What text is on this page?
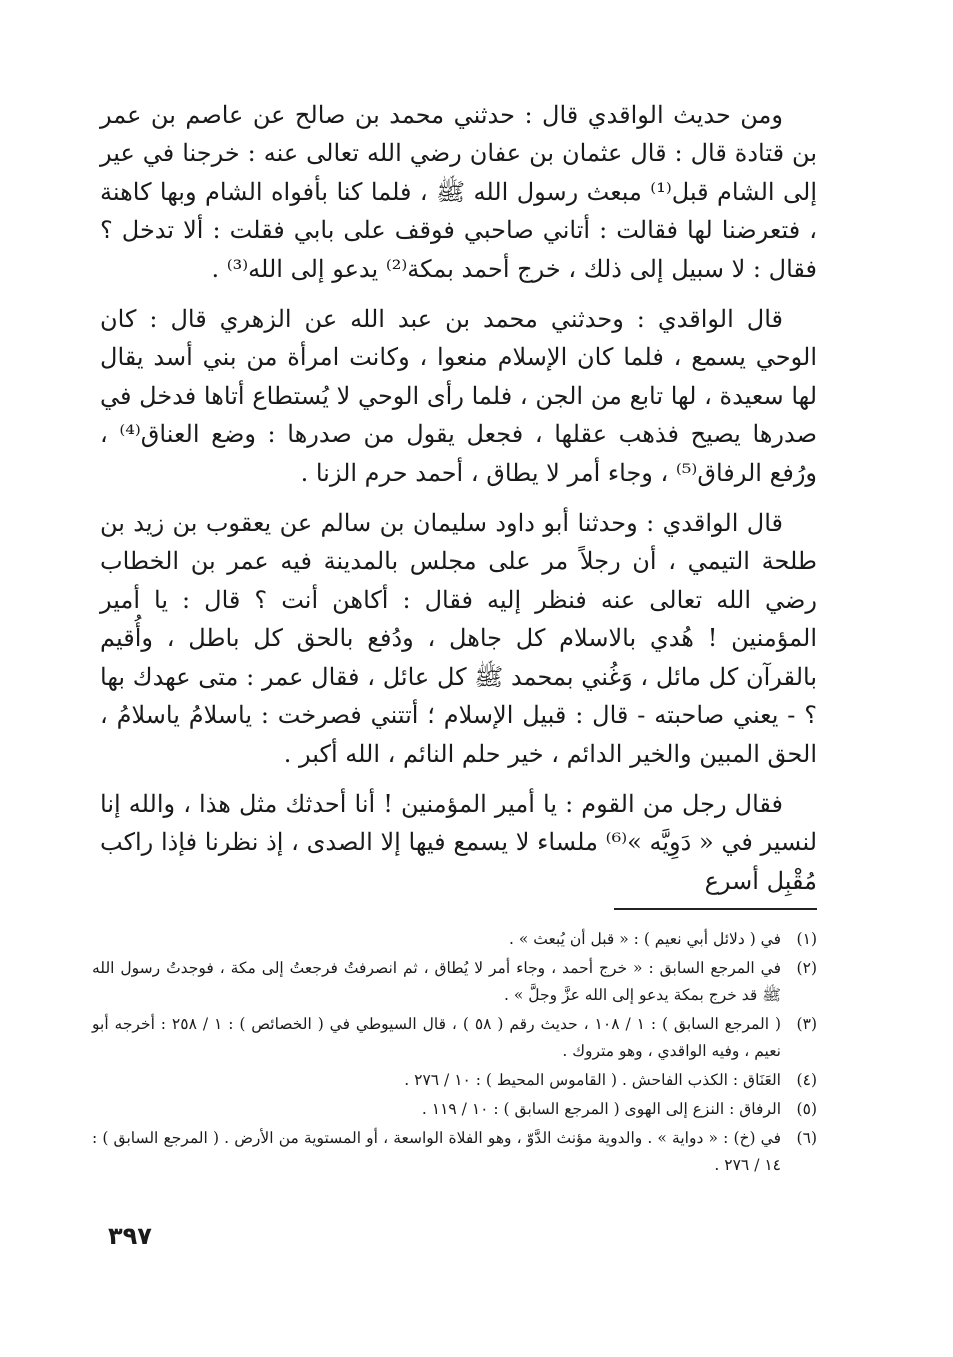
ومن حديث الواقدي قال : حدثني محمد بن صالح عن عاصم بن عمر بن قتادة قال : قال عثمان بن عفان رضي الله تعالى عنه : خرجنا في عير إلى الشام قبل⁽¹⁾ مبعث رسول الله ﷺ ، فلما كنا بأفواه الشام وبها كاهنة ، فتعرضنا لها فقالت : أتاني صاحبي فوقف على بابي فقلت : ألا تدخل ؟ فقال : لا سبيل إلى ذلك ، خرج أحمد بمكة⁽²⁾ يدعو إلى الله⁽³⁾ .

قال الواقدي : وحدثني محمد بن عبد الله عن الزهري قال : كان الوحي يسمع ، فلما كان الإسلام منعوا ، وكانت امرأة من بني أسد يقال لها سعيدة ، لها تابع من الجن ، فلما رأى الوحي لا يُستطاع أتاها فدخل في صدرها يصيح فذهب عقلها ، فجعل يقول من صدرها : وضع العناق⁽⁴⁾ ، ورُفع الرفاق⁽⁵⁾ ، وجاء أمر لا يطاق ، أحمد حرم الزنا .

قال الواقدي : وحدثنا أبو داود سليمان بن سالم عن يعقوب بن زيد بن طلحة التيمي ، أن رجلاً مر على مجلس بالمدينة فيه عمر بن الخطاب رضي الله تعالى عنه فنظر إليه فقال : أكاهن أنت ؟ قال : يا أمير المؤمنين ! هُدي بالاسلام كل جاهل ، ودُفع بالحق كل باطل ، وأُقيم بالقرآن كل مائل ، وَغُني بمحمد ﷺ كل عائل ، فقال عمر : متى عهدك بها ؟ - يعني صاحبته - قال : قبيل الإسلام ؛ أتتني فصرخت : ياسلامُ ياسلامُ ، الحق المبين والخير الدائم ، خير حلم النائم ، الله أكبر .

فقال رجل من القوم : يا أمير المؤمنين ! أنا أحدثك مثل هذا ، والله إنا لنسير في « دَوِيَّه »⁽⁶⁾ ملساء لا يسمع فيها إلا الصدى ، إذ نظرنا فإذا راكب مُقْبِل أسرع

(١)
في ( دلائل أبي نعيم ) : « قبل أن يُبعث » .
(٢)
في المرجع السابق : « خرج أحمد ، وجاء أمر لا يُطاق ، ثم انصرفتُ فرجعتُ إلى مكة ، فوجدتُ رسول الله ﷺ قد خرج بمكة يدعو إلى الله عزَّ وجلَّ » .
(٣)
( المرجع السابق ) : ١ / ١٠٨ ، حديث رقم ( ٥٨ ) ، قال السيوطي في ( الخصائص ) : ١ / ٢٥٨ : أخرجه أبو نعيم ، وفيه الواقدي ، وهو متروك .
(٤)
العَنَاق : الكذب الفاحش . ( القاموس المحيط ) : ١٠ / ٢٧٦ .
(٥)
الرفاق : النزع إلى الهوى ( المرجع السابق ) : ١٠ / ١١٩ .
(٦)
في (خ) : « دواية » . والدوية مؤنث الدَّوّ ، وهو الفلاة الواسعة ، أو المستوية من الأرض . ( المرجع السابق ) : ١٤ / ٢٧٦ .
٣٩٧
